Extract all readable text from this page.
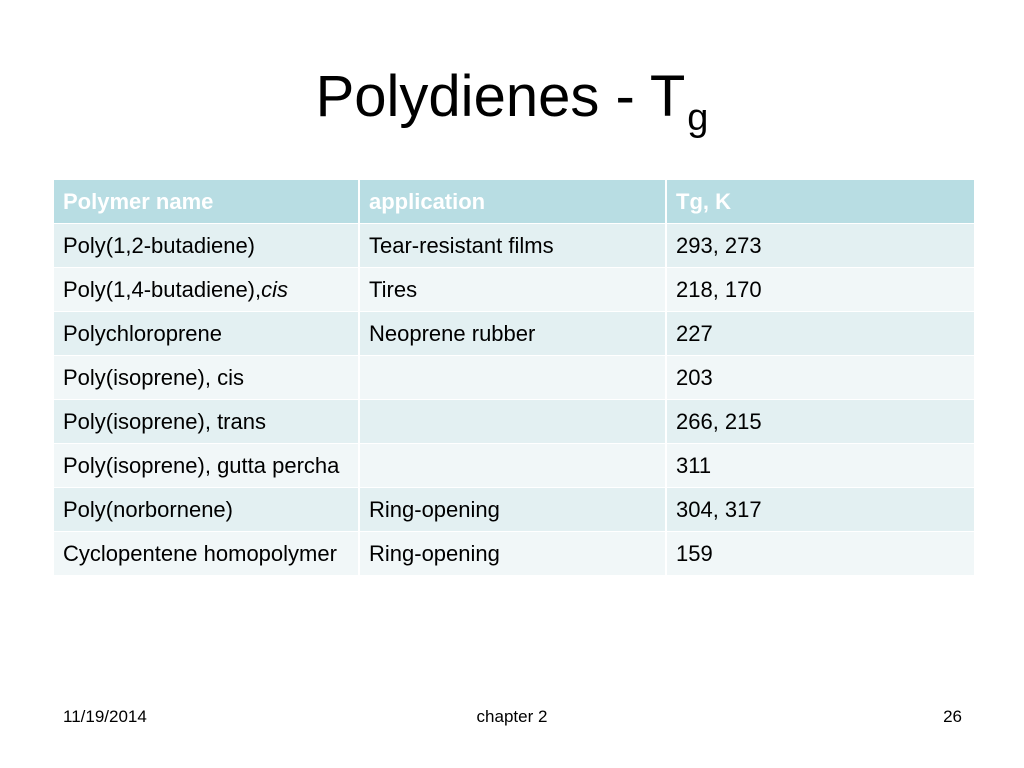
Polydienes - $T_g$
Polymer name	application	Tg, K
Poly(1,2-butadiene)	Tear-resistant films	293, 273
Poly(1,4-butadiene),cis	Tires	218, 170
Polychloroprene	Neoprene rubber	227
Poly(isoprene), cis		203
Poly(isoprene), trans		266, 215
Poly(isoprene), gutta percha		311
Poly(norbornene)	Ring-opening	304, 317
Cyclopentene homopolymer	Ring-opening	159
11/19/2014	chapter 2	26
